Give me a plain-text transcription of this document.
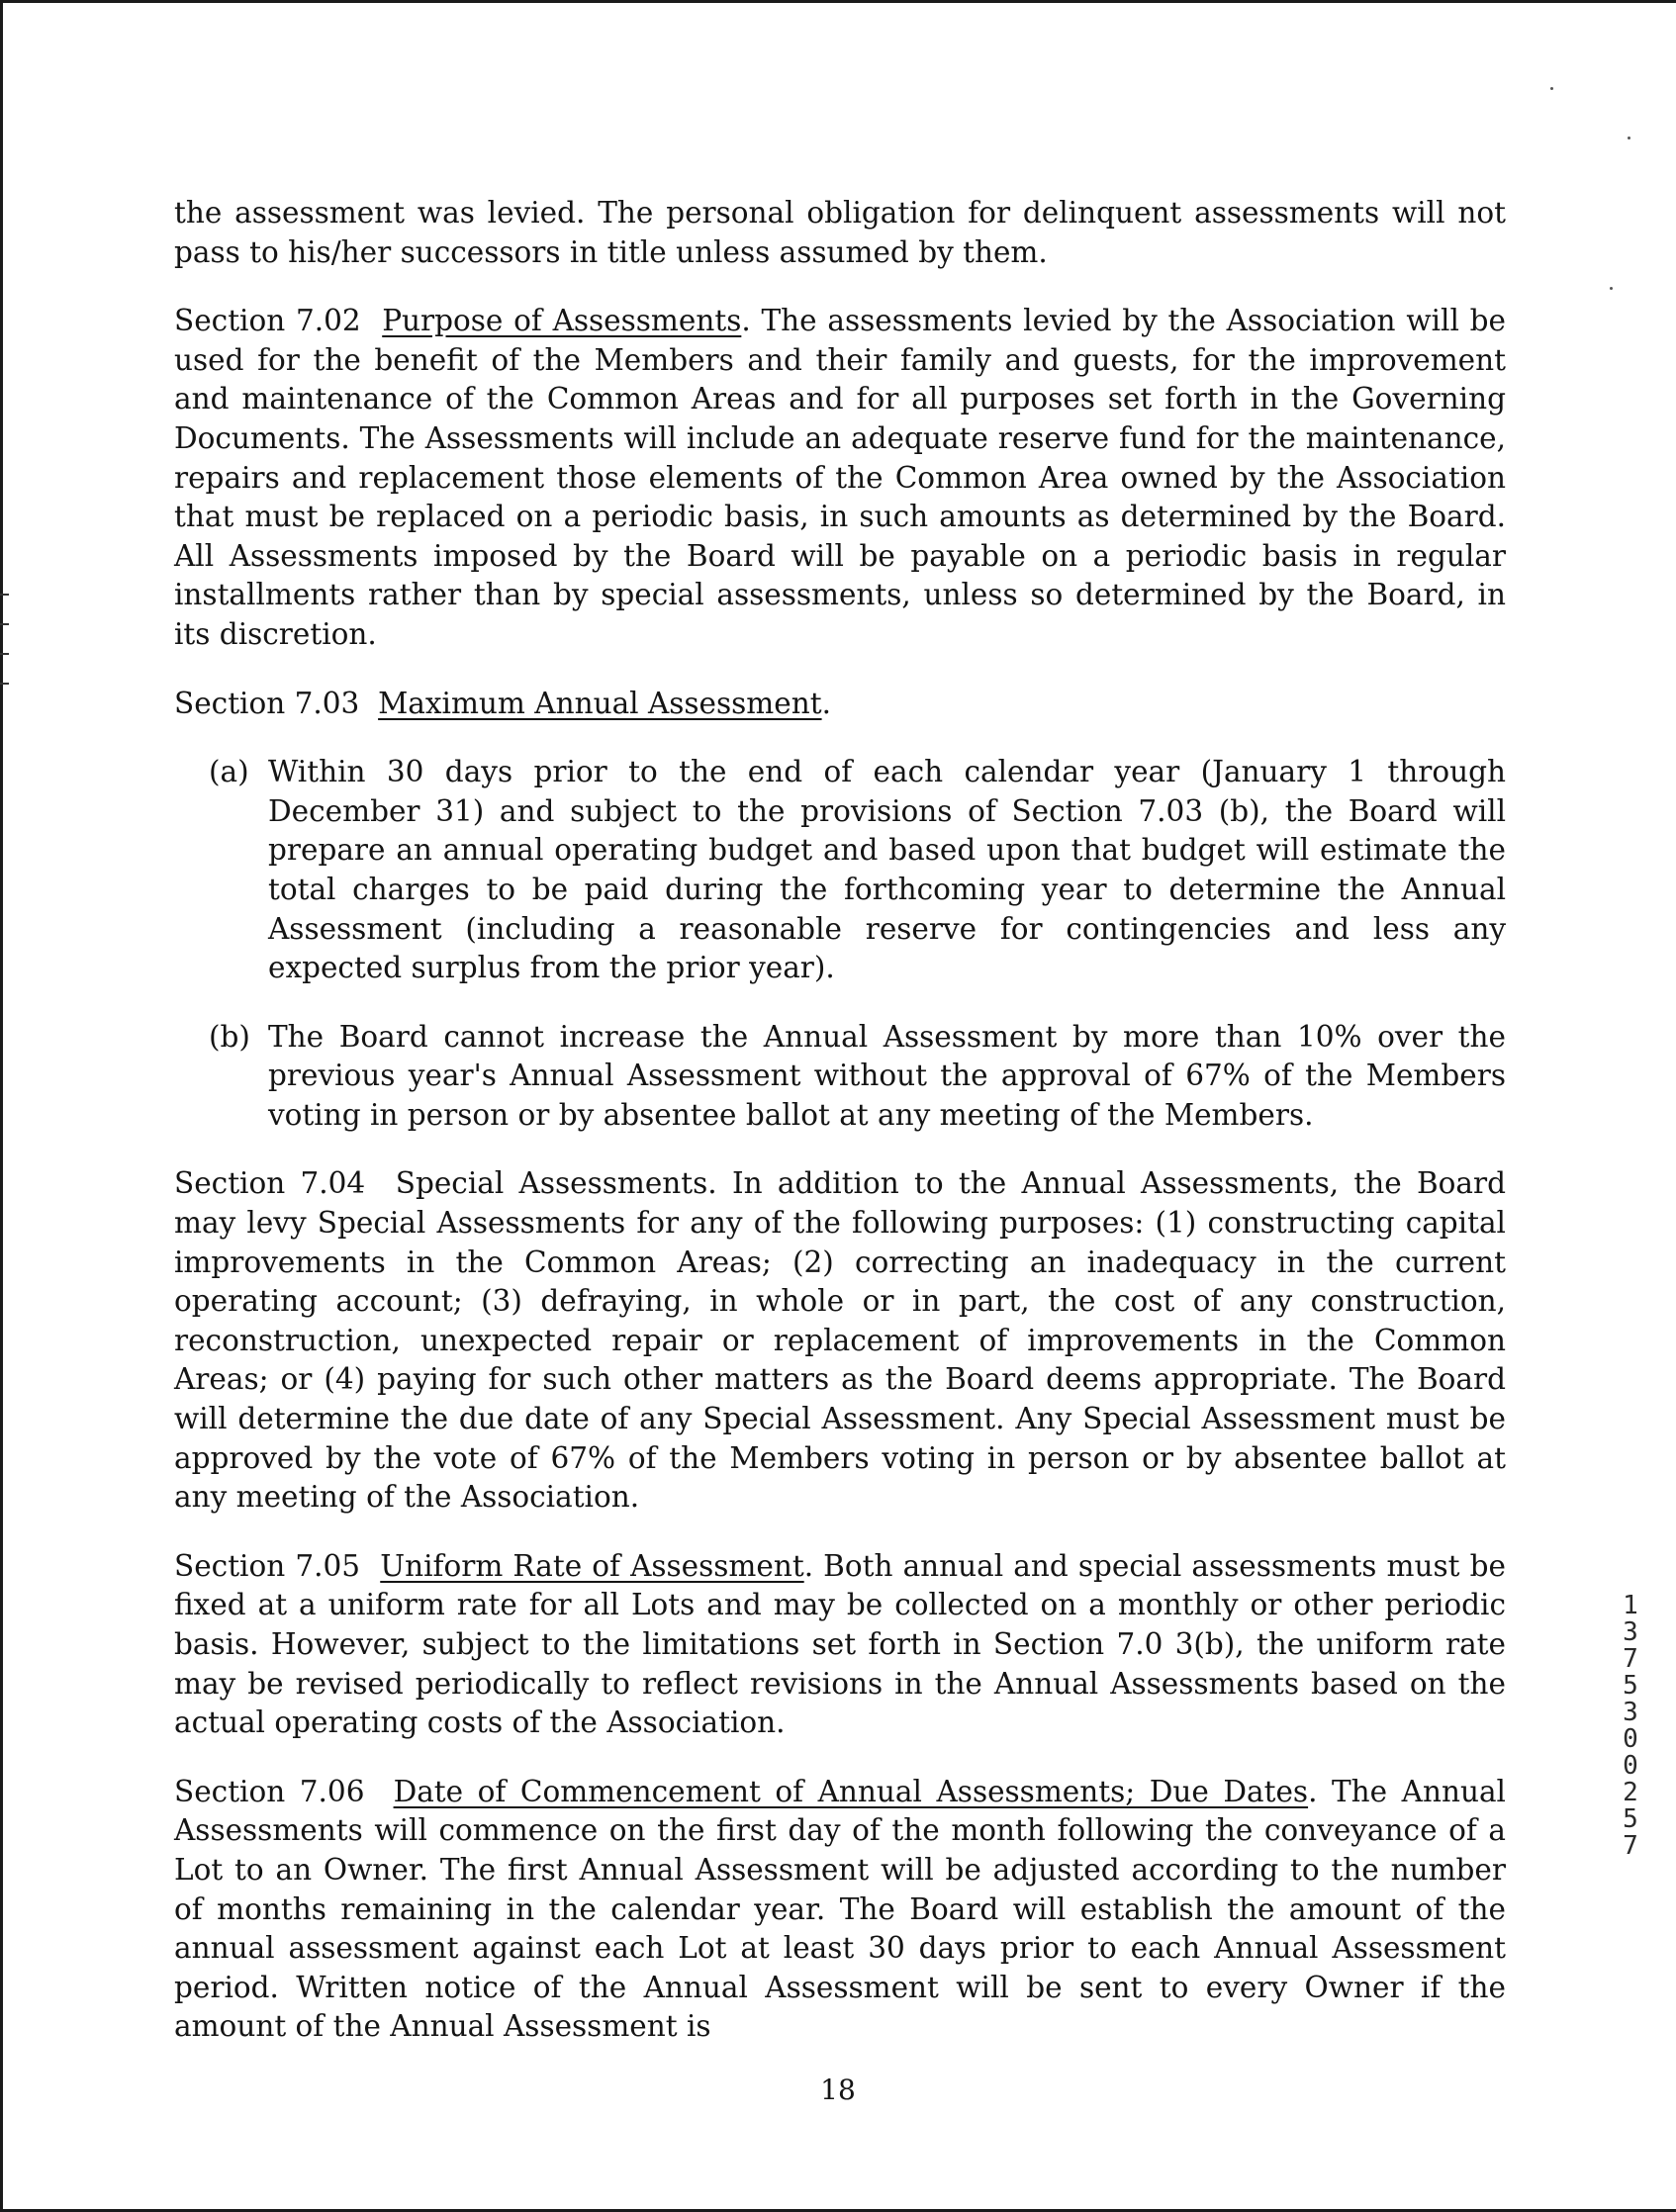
the assessment was levied. The personal obligation for delinquent assessments will not pass to his/her successors in title unless assumed by them.

Section 7.02 Purpose of Assessments. The assessments levied by the Association will be used for the benefit of the Members and their family and guests, for the improvement and maintenance of the Common Areas and for all purposes set forth in the Governing Documents. The Assessments will include an adequate reserve fund for the maintenance, repairs and replacement those elements of the Common Area owned by the Association that must be replaced on a periodic basis, in such amounts as determined by the Board. All Assessments imposed by the Board will be payable on a periodic basis in regular installments rather than by special assessments, unless so determined by the Board, in its discretion.

Section 7.03 Maximum Annual Assessment.

(a) Within 30 days prior to the end of each calendar year (January 1 through December 31) and subject to the provisions of Section 7.03 (b), the Board will prepare an annual operating budget and based upon that budget will estimate the total charges to be paid during the forthcoming year to determine the Annual Assessment (including a reasonable reserve for contingencies and less any expected surplus from the prior year).
(b) The Board cannot increase the Annual Assessment by more than 10% over the previous year's Annual Assessment without the approval of 67% of the Members voting in person or by absentee ballot at any meeting of the Members.

Section 7.04 Special Assessments. In addition to the Annual Assessments, the Board may levy Special Assessments for any of the following purposes: (1) constructing capital improvements in the Common Areas; (2) correcting an inadequacy in the current operating account; (3) defraying, in whole or in part, the cost of any construction, reconstruction, unexpected repair or replacement of improvements in the Common Areas; or (4) paying for such other matters as the Board deems appropriate. The Board will determine the due date of any Special Assessment. Any Special Assessment must be approved by the vote of 67% of the Members voting in person or by absentee ballot at any meeting of the Association.

Section 7.05 Uniform Rate of Assessment. Both annual and special assessments must be fixed at a uniform rate for all Lots and may be collected on a monthly or other periodic basis. However, subject to the limitations set forth in Section 7.0 3(b), the uniform rate may be revised periodically to reflect revisions in the Annual Assessments based on the actual operating costs of the Association.

Section 7.06 Date of Commencement of Annual Assessments; Due Dates. The Annual Assessments will commence on the first day of the month following the conveyance of a Lot to an Owner. The first Annual Assessment will be adjusted according to the number of months remaining in the calendar year. The Board will establish the amount of the annual assessment against each Lot at least 30 days prior to each Annual Assessment period. Written notice of the Annual Assessment will be sent to every Owner if the amount of the Annual Assessment is

18
13753 00257
